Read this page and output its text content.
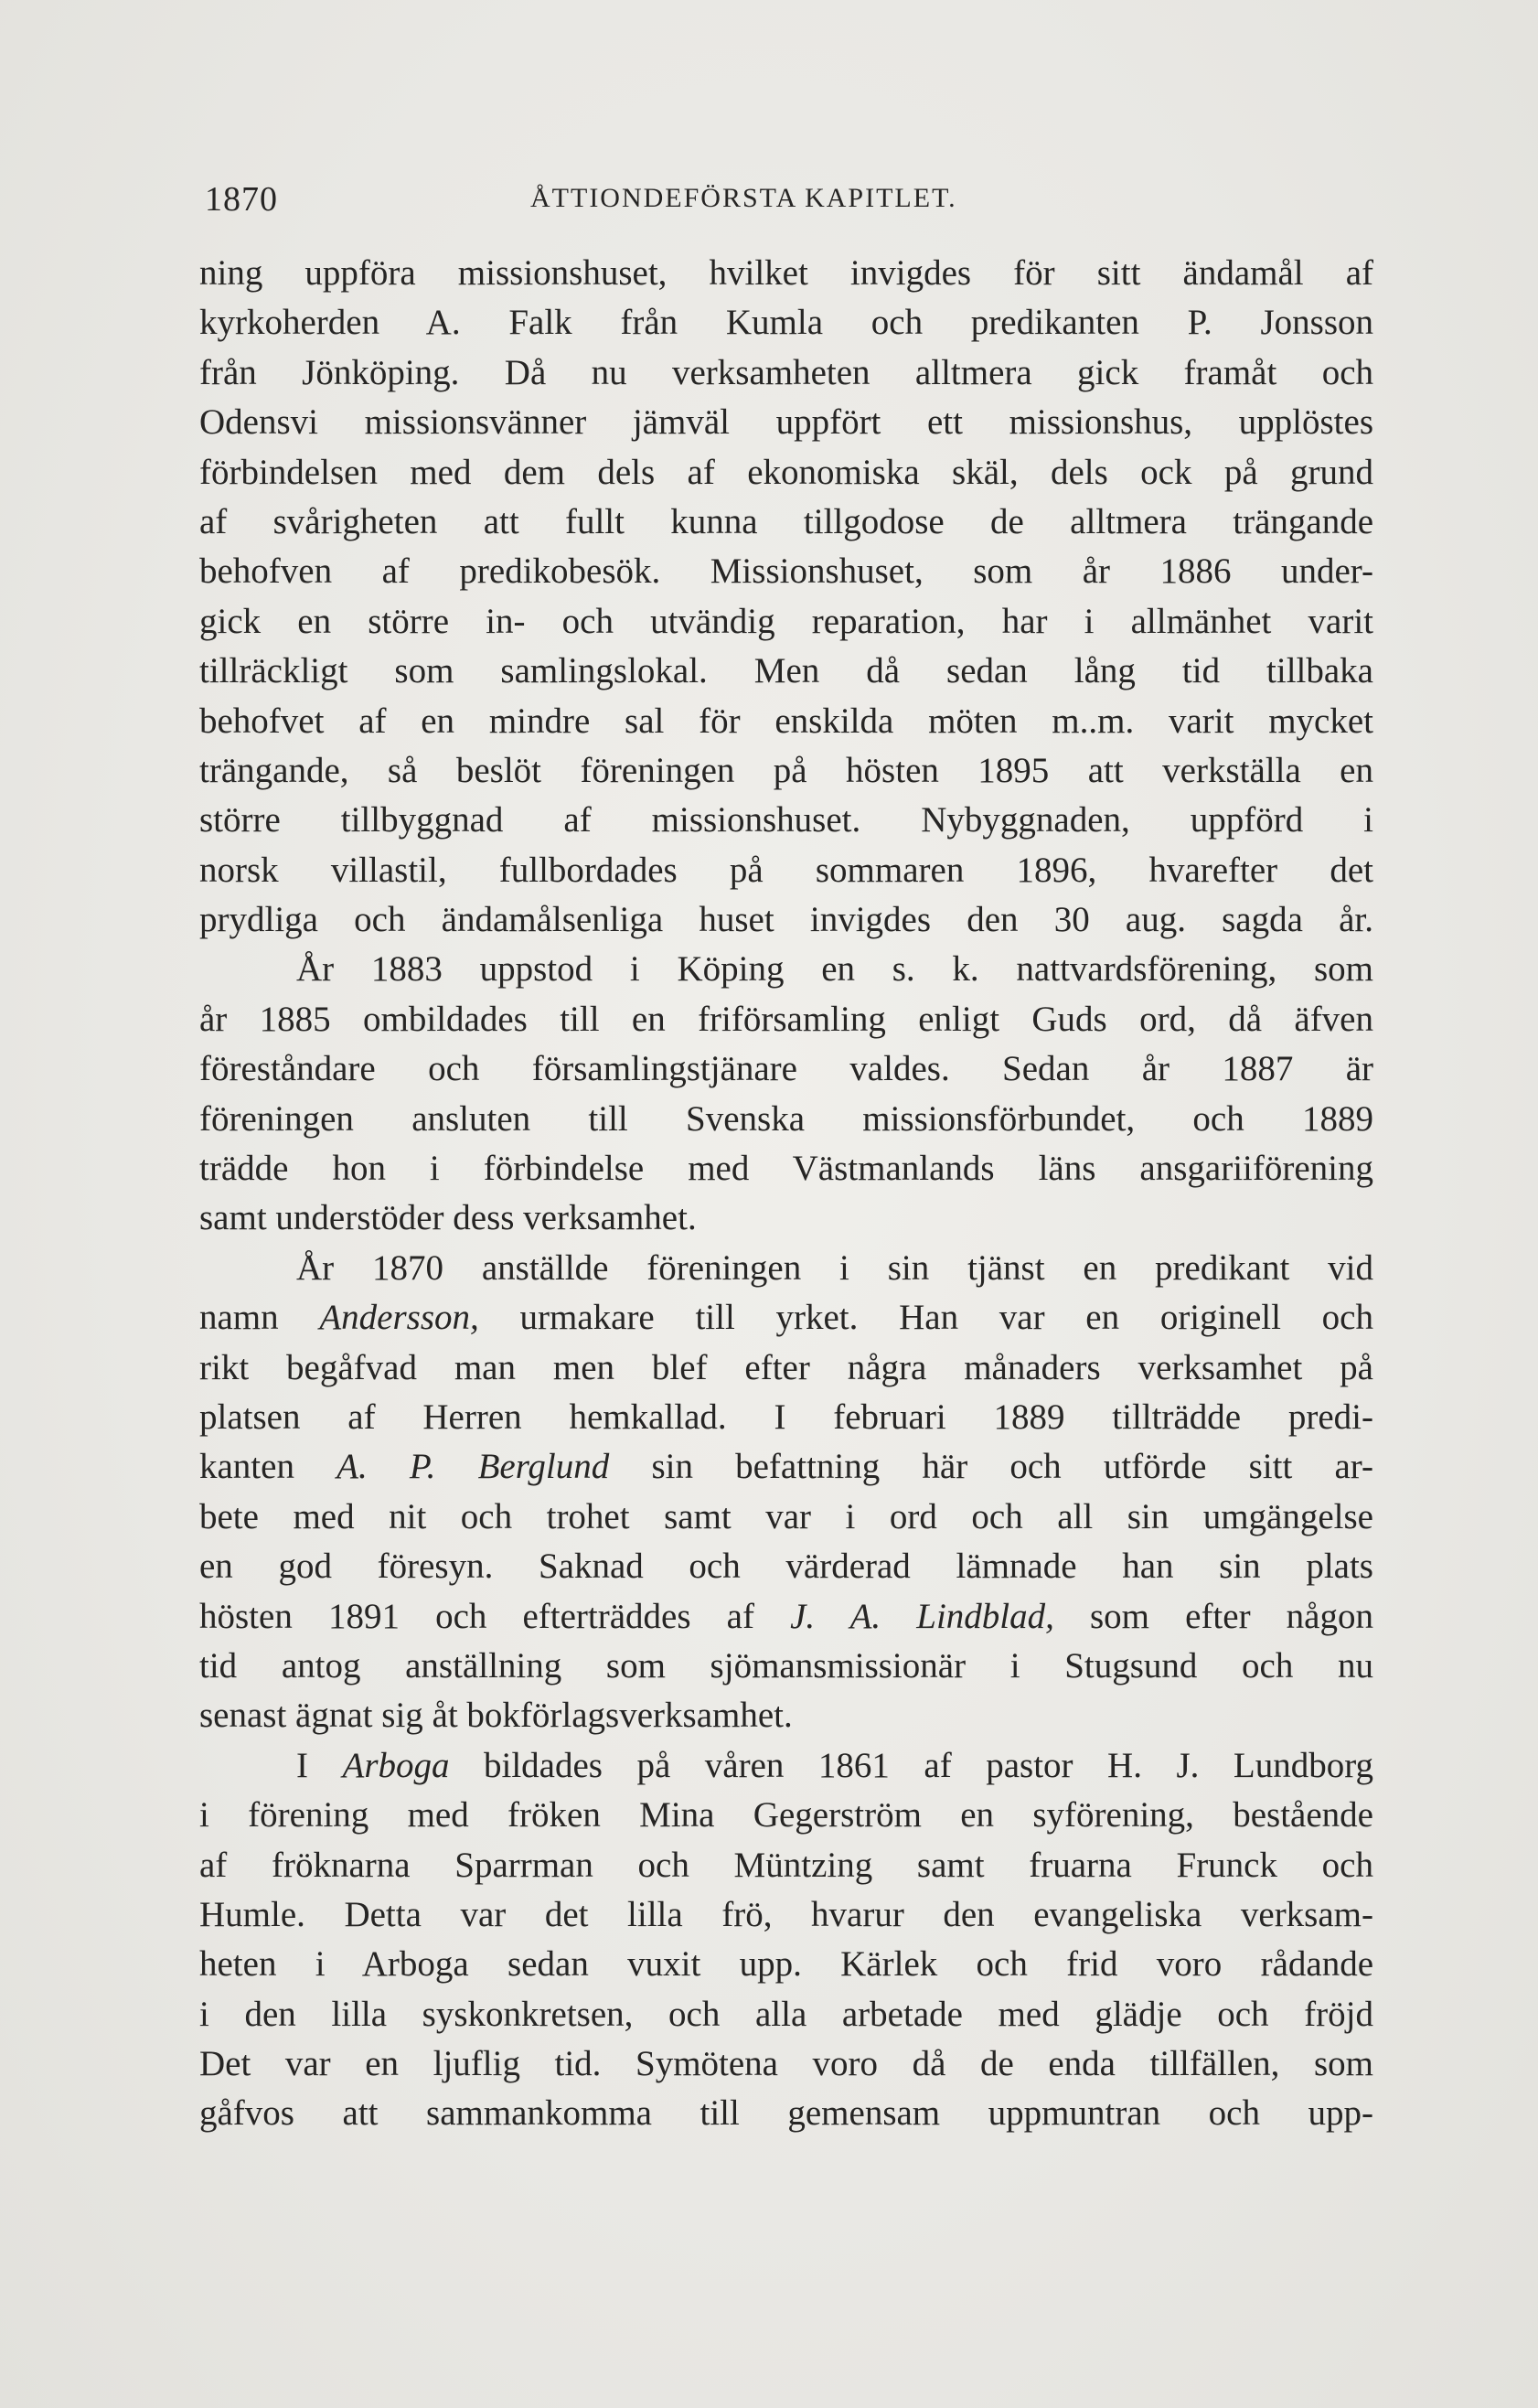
1870	ÅTTIONDEFÖRSTA KAPITLET.
ning uppföra missionshuset, hvilket invigdes för sitt ändamål af
kyrkoherden A. Falk från Kumla och predikanten P. Jonsson
från Jönköping. Då nu verksamheten alltmera gick framåt och
Odensvi missionsvänner jämväl uppfört ett missionshus, upplöstes
förbindelsen med dem dels af ekonomiska skäl, dels ock på grund
af svårigheten att fullt kunna tillgodose de alltmera trängande
behofven af predikobesök. Missionshuset, som år 1886 under-
gick en större in- och utvändig reparation, har i allmänhet varit
tillräckligt som samlingslokal. Men då sedan lång tid tillbaka
behofvet af en mindre sal för enskilda möten m..m. varit mycket
trängande, så beslöt föreningen på hösten 1895 att verkställa en
större tillbyggnad af missionshuset. Nybyggnaden, uppförd i
norsk villastil, fullbordades på sommaren 1896, hvarefter det
prydliga och ändamålsenliga huset invigdes den 30 aug. sagda år.
År 1883 uppstod i Köping en s. k. nattvardsförening, som
år 1885 ombildades till en friförsamling enligt Guds ord, då äfven
föreståndare och församlingstjänare valdes. Sedan år 1887 är
föreningen ansluten till Svenska missionsförbundet, och 1889
trädde hon i förbindelse med Västmanlands läns ansgariiförening
samt understöder dess verksamhet.
År 1870 anställde föreningen i sin tjänst en predikant vid
namn Andersson, urmakare till yrket. Han var en originell och
rikt begåfvad man men blef efter några månaders verksamhet på
platsen af Herren hemkallad. I februari 1889 tillträdde predi-
kanten A. P. Berglund sin befattning här och utförde sitt ar-
bete med nit och trohet samt var i ord och all sin umgängelse
en god föresyn. Saknad och värderad lämnade han sin plats
hösten 1891 och efterträddes af J. A. Lindblad, som efter någon
tid antog anställning som sjömansmissionär i Stugsund och nu
senast ägnat sig åt bokförlagsverksamhet.
I Arboga bildades på våren 1861 af pastor H. J. Lundborg
i förening med fröken Mina Gegerström en syförening, bestående
af fröknarna Sparrman och Müntzing samt fruarna Frunck och
Humle. Detta var det lilla frö, hvarur den evangeliska verksam-
heten i Arboga sedan vuxit upp. Kärlek och frid voro rådande
i den lilla syskonkretsen, och alla arbetade med glädje och fröjd
Det var en ljuflig tid. Symötena voro då de enda tillfällen, som
gåfvos att sammankomma till gemensam uppmuntran och upp-
